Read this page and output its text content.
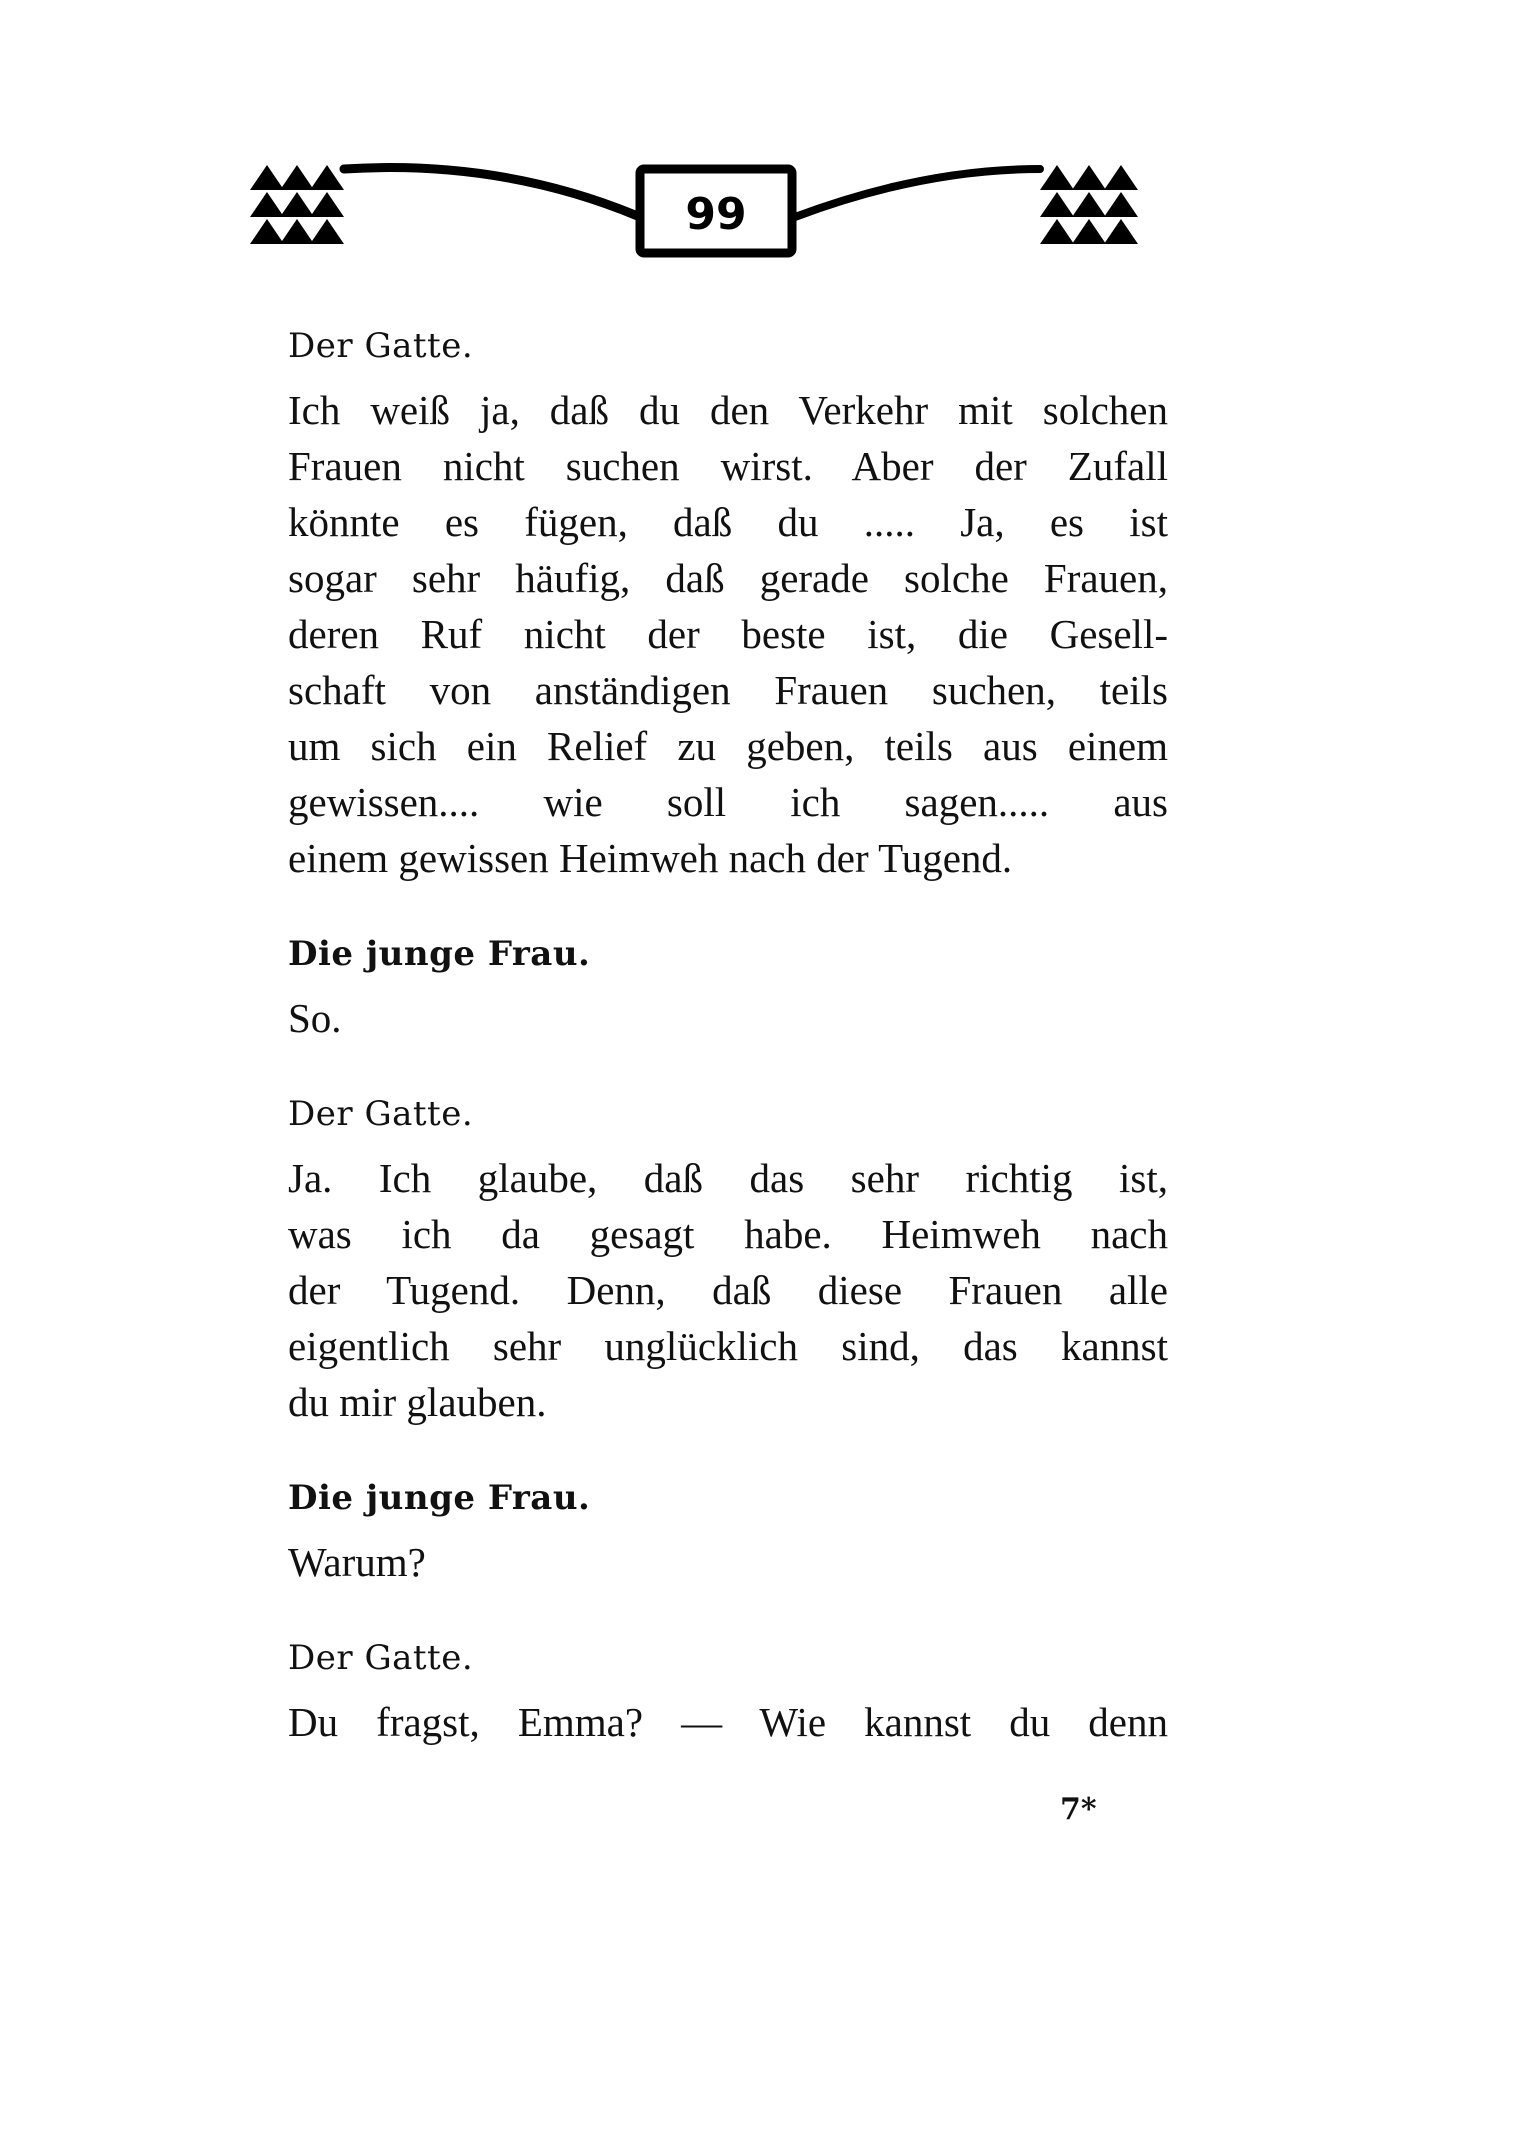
99

Der Gatte.

Ich weiß ja, daß du den Verkehr mit solchen
Frauen nicht suchen wirst. Aber der Zufall
könnte es fügen, daß du ..... Ja, es ist
sogar sehr häufig, daß gerade solche Frauen,
deren Ruf nicht der beste ist, die Gesell-
schaft von anständigen Frauen suchen, teils
um sich ein Relief zu geben, teils aus einem
gewissen.... wie soll ich sagen..... aus
einem gewissen Heimweh nach der Tugend.

Die junge Frau.

So.

Der Gatte.

Ja. Ich glaube, daß das sehr richtig ist,
was ich da gesagt habe. Heimweh nach
der Tugend. Denn, daß diese Frauen alle
eigentlich sehr unglücklich sind, das kannst
du mir glauben.

Die junge Frau.

Warum?

Der Gatte.

Du fragst, Emma? — Wie kannst du denn

7*
